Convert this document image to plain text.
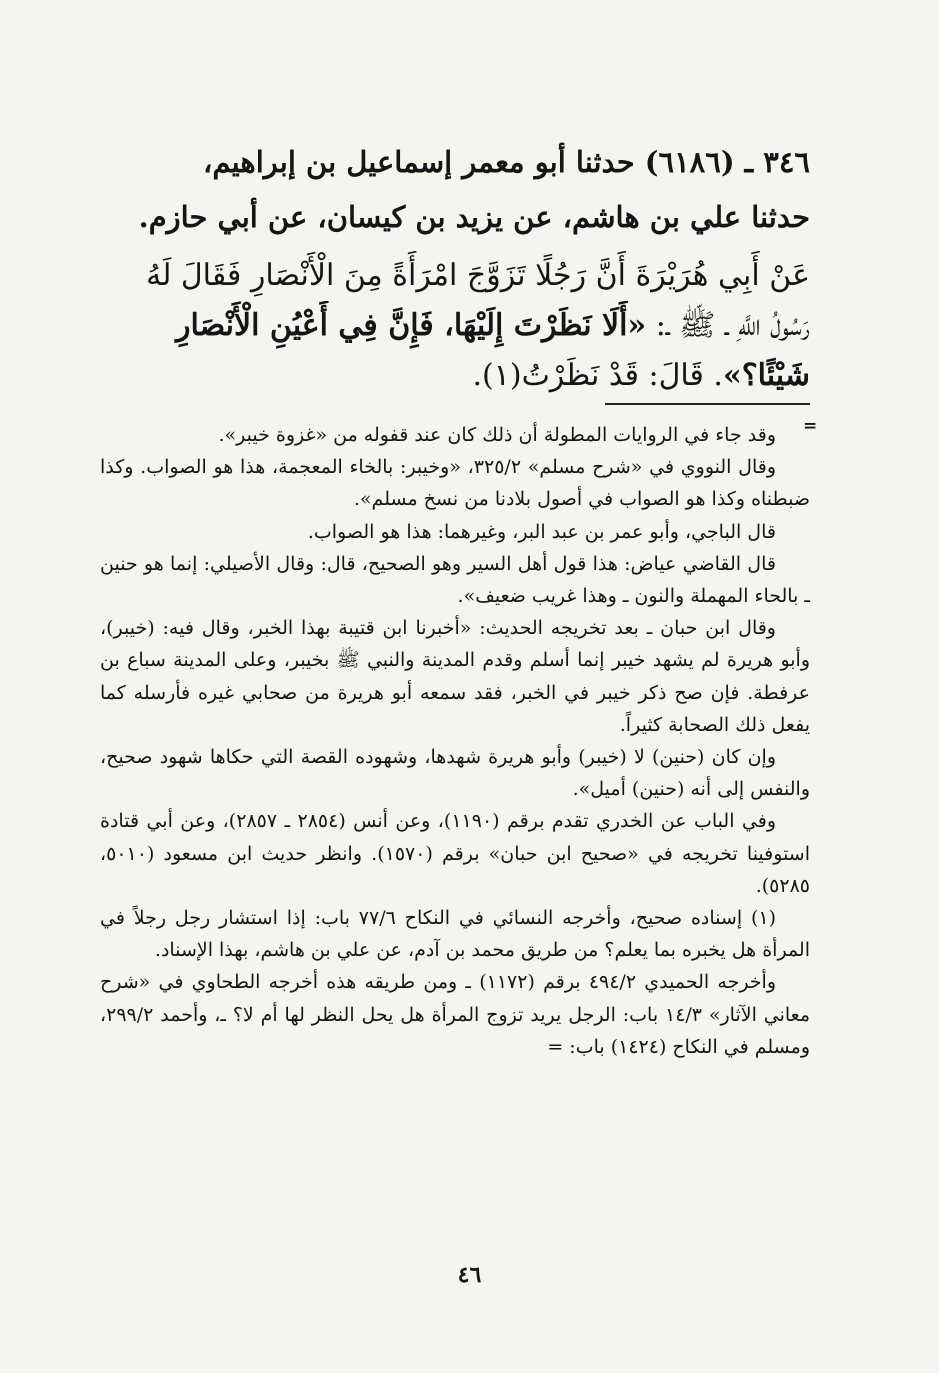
٣٤٦ ـ (٦١٨٦) حدثنا أبو معمر إسماعيل بن إبراهيم،

حدثنا علي بن هاشم، عن يزيد بن كيسان، عن أبي حازم.

عَنْ أَبِي هُرَيْرَةَ أَنَّ رَجُلًا تَزَوَّجَ امْرَأَةً مِنَ الْأَنْصَارِ فَقَالَ لَهُ

رَسُولُ اللَّهِ ـ ﷺ ـ: «أَلَا نَظَرْتَ إِلَيْهَا، فَإِنَّ فِي أَعْيُنِ الْأَنْصَارِ

شَيْئًا؟». قَالَ: قَدْ نَظَرْتُ(١).

وقد جاء في الروايات المطولة أن ذلك كان عند قفوله من «غزوة خيبر».

وقال النووي في «شرح مسلم» ٣٢٥/٢، «وخيبر: بالخاء المعجمة، هذا هو الصواب. وكذا ضبطناه وكذا هو الصواب في أصول بلادنا من نسخ مسلم».

قال الباجي، وأبو عمر بن عبد البر، وغيرهما: هذا هو الصواب.

قال القاضي عياض: هذا قول أهل السير وهو الصحيح، قال: وقال الأصيلي: إنما هو حنين ـ بالحاء المهملة والنون ـ وهذا غريب ضعيف».

وقال ابن حبان ـ بعد تخريجه الحديث: «أخبرنا ابن قتيبة بهذا الخبر، وقال فيه: (خيبر)، وأبو هريرة لم يشهد خيبر إنما أسلم وقدم المدينة والنبي ﷺ بخيبر، وعلى المدينة سباع بن عرفطة. فإن صح ذكر خيبر في الخبر، فقد سمعه أبو هريرة من صحابي غيره فأرسله كما يفعل ذلك الصحابة كثيراً.

وإن كان (حنين) لا (خيبر) وأبو هريرة شهدها، وشهوده القصة التي حكاها شهود صحيح، والنفس إلى أنه (حنين) أميل».

وفي الباب عن الخدري تقدم برقم (١١٩٠)، وعن أنس (٢٨٥٤ ـ ٢٨٥٧)، وعن أبي قتادة استوفينا تخريجه في «صحيح ابن حبان» برقم (١٥٧٠). وانظر حديث ابن مسعود (٥٠١٠، ٥٢٨٥).

(١) إسناده صحيح، وأخرجه النسائي في النكاح ٧٧/٦ باب: إذا استشار رجل رجلاً في المرأة هل يخبره بما يعلم؟ من طريق محمد بن آدم، عن علي بن هاشم، بهذا الإسناد.

وأخرجه الحميدي ٤٩٤/٢ برقم (١١٧٢) ـ ومن طريقه هذه أخرجه الطحاوي في «شرح معاني الآثار» ١٤/٣ باب: الرجل يريد تزوج المرأة هل يحل النظر لها أم لا؟ ـ، وأحمد ٢٩٩/٢، ومسلم في النكاح (١٤٢٤) باب: =

=
٤٦
